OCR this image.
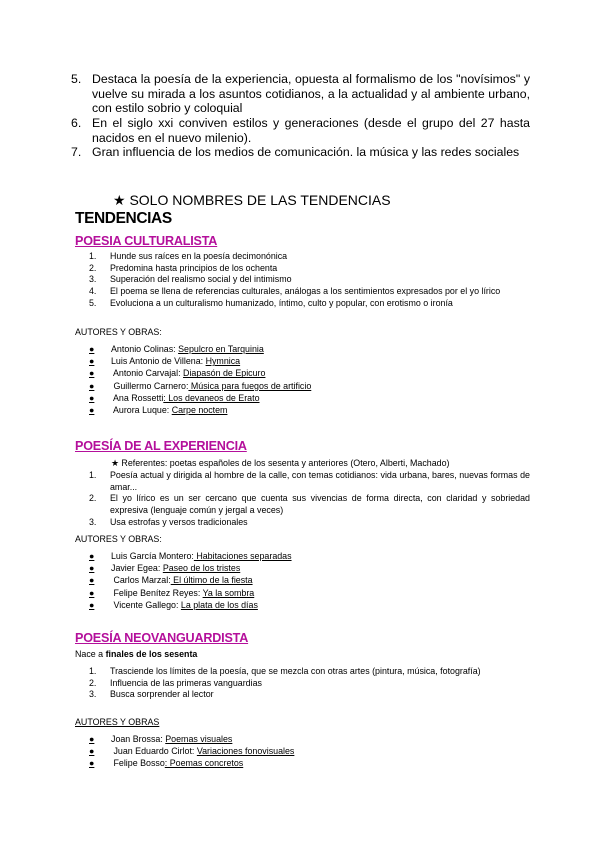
5. Destaca la poesía de la experiencia, opuesta al formalismo de los "novísimos" y vuelve su mirada a los asuntos cotidianos, a la actualidad y al ambiente urbano, con estilo sobrio y coloquial
6. En el siglo xxi conviven estilos y generaciones (desde el grupo del 27 hasta nacidos en el nuevo milenio).
7. Gran influencia de los medios de comunicación. la música y las redes sociales
★ SOLO NOMBRES DE LAS TENDENCIAS
TENDENCIAS
POESIA CULTURALISTA
1. Hunde sus raíces en la poesía decimonónica
2. Predomina hasta principios de los ochenta
3. Superación del realismo social y del intimismo
4. El poema se llena de referencias culturales, análogas a los sentimientos expresados por el yo lírico
5. Evoluciona a un culturalismo humanizado, íntimo, culto y popular, con erotismo o ironía
AUTORES Y OBRAS:
● Antonio Colinas: Sepulcro en Tarquinia
● Luis Antonio de Villena: Hymnica
● Antonio Carvajal: Diapasón de Epicuro
● Guillermo Carnero: Música para fuegos de artificio
● Ana Rossetti: Los devaneos de Erato
● Aurora Luque: Carpe noctem
POESÍA DE AL EXPERIENCIA
★ Referentes: poetas españoles de los sesenta y anteriores (Otero, Alberti, Machado)
1. Poesía actual y dirigida al hombre de la calle, con temas cotidianos: vida urbana, bares, nuevas formas de amar...
2. El yo lírico es un ser cercano que cuenta sus vivencias de forma directa, con claridad y sobriedad expresiva (lenguaje común y jergal a veces)
3. Usa estrofas y versos tradicionales
AUTORES Y OBRAS:
● Luis García Montero: Habitaciones separadas
● Javier Egea: Paseo de los tristes
● Carlos Marzal: El último de la fiesta
● Felipe Benítez Reyes: Ya la sombra
● Vicente Gallego: La plata de los días
POESÍA NEOVANGUARDISTA
Nace a finales de los sesenta
1. Trasciende los límites de la poesía, que se mezcla con otras artes (pintura, música, fotografía)
2. Influencia de las primeras vanguardias
3. Busca sorprender al lector
AUTORES Y OBRAS
● Joan Brossa: Poemas visuales
● Juan Eduardo Cirlot: Variaciones fonovisuales
● Felipe Bosso: Poemas concretos
